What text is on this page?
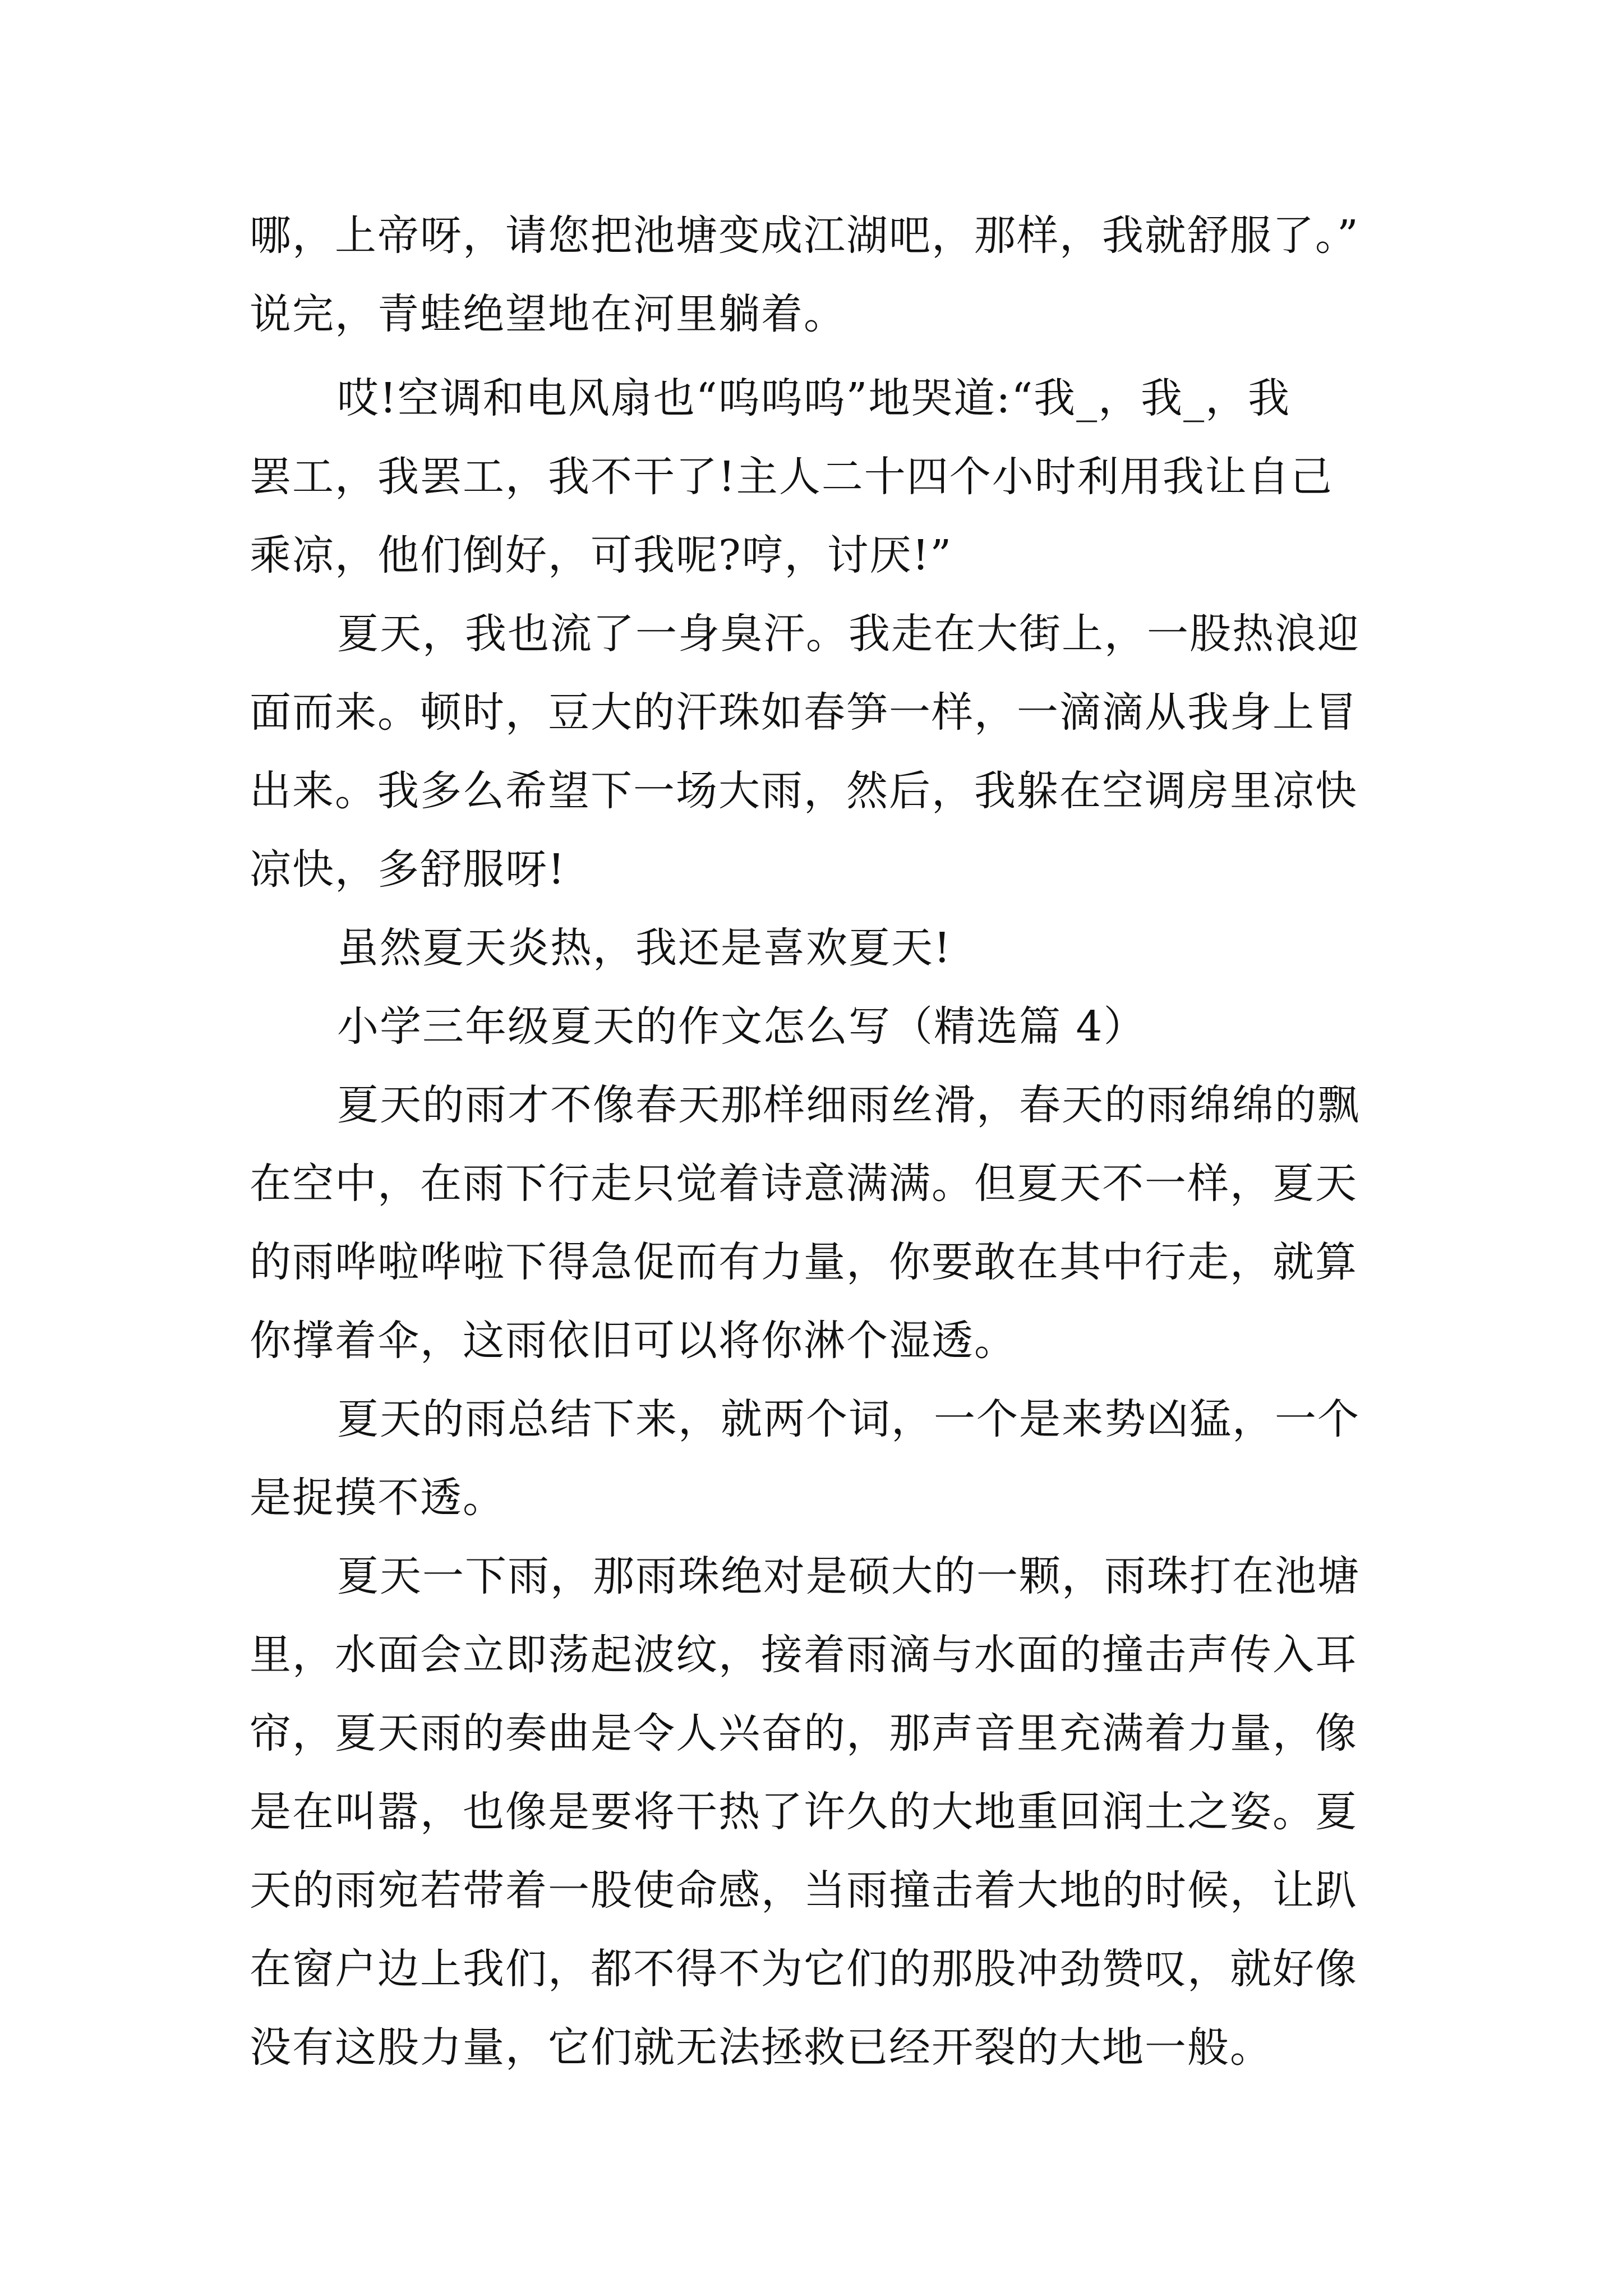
哪，上帝呀，请您把池塘变成江湖吧，那样，我就舒服了。”
说完，青蛙绝望地在河里躺着。
哎!空调和电风扇也“呜呜呜”地哭道:“我_，我_，我
罢工，我罢工，我不干了!主人二十四个小时利用我让自己
乘凉，他们倒好，可我呢?哼，讨厌!”
夏天，我也流了一身臭汗。我走在大街上，一股热浪迎
面而来。顿时，豆大的汗珠如春笋一样，一滴滴从我身上冒
出来。我多么希望下一场大雨，然后，我躲在空调房里凉快
凉快，多舒服呀!
虽然夏天炎热，我还是喜欢夏天!
小学三年级夏天的作文怎么写（精选篇 4）
夏天的雨才不像春天那样细雨丝滑，春天的雨绵绵的飘
在空中，在雨下行走只觉着诗意满满。但夏天不一样，夏天
的雨哗啦哗啦下得急促而有力量，你要敢在其中行走，就算
你撑着伞，这雨依旧可以将你淋个湿透。
夏天的雨总结下来，就两个词，一个是来势凶猛，一个
是捉摸不透。
夏天一下雨，那雨珠绝对是硕大的一颗，雨珠打在池塘
里，水面会立即荡起波纹，接着雨滴与水面的撞击声传入耳
帘，夏天雨的奏曲是令人兴奋的，那声音里充满着力量，像
是在叫嚣，也像是要将干热了许久的大地重回润土之姿。夏
天的雨宛若带着一股使命感，当雨撞击着大地的时候，让趴
在窗户边上我们，都不得不为它们的那股冲劲赞叹，就好像
没有这股力量，它们就无法拯救已经开裂的大地一般。
